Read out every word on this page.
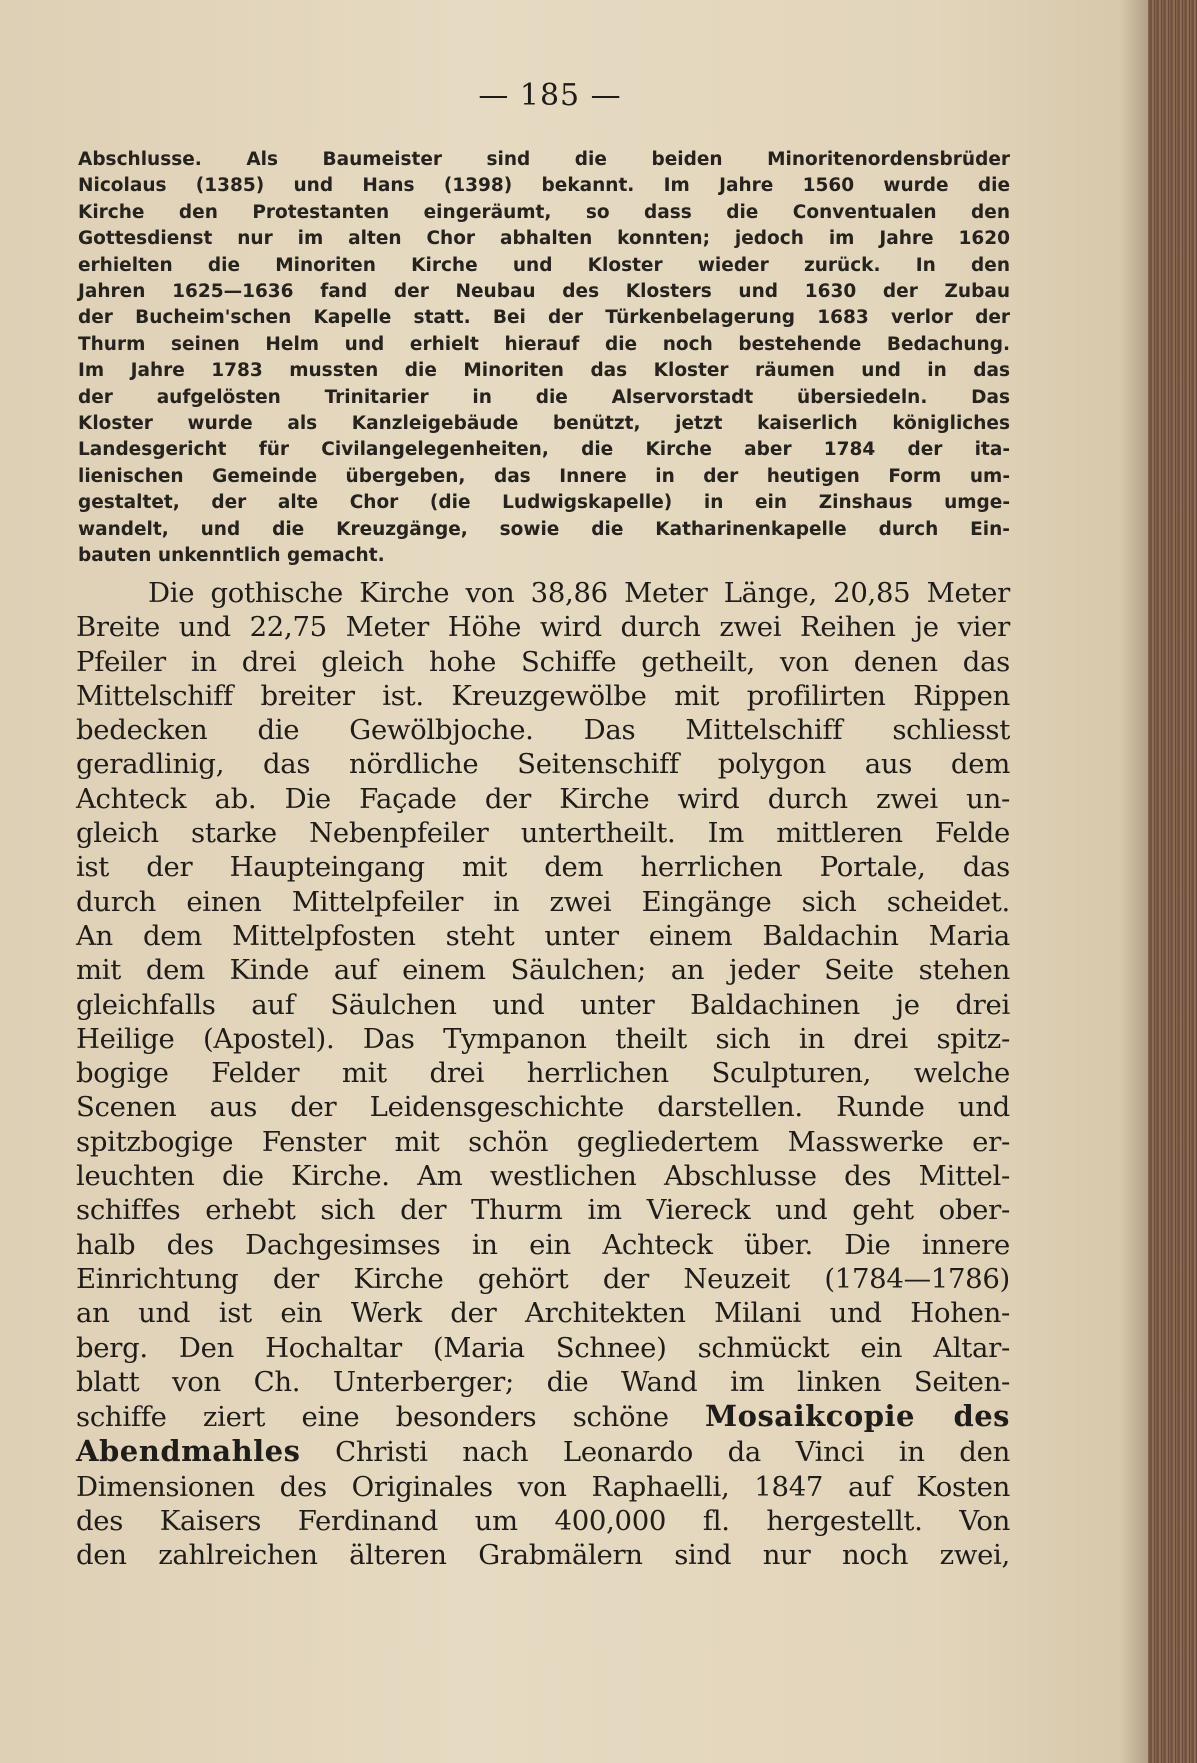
— 185 —
Abschlusse. Als Baumeister sind die beiden Minoritenordensbrüder
Nicolaus (1385) und Hans (1398) bekannt. Im Jahre 1560 wurde die
Kirche den Protestanten eingeräumt, so dass die Conventualen den
Gottesdienst nur im alten Chor abhalten konnten; jedoch im Jahre 1620
erhielten die Minoriten Kirche und Kloster wieder zurück. In den
Jahren 1625—1636 fand der Neubau des Klosters und 1630 der Zubau
der Bucheim'schen Kapelle statt. Bei der Türkenbelagerung 1683 verlor der
Thurm seinen Helm und erhielt hierauf die noch bestehende Bedachung.
Im Jahre 1783 mussten die Minoriten das Kloster räumen und in das
der aufgelösten Trinitarier in die Alservorstadt übersiedeln. Das
Kloster wurde als Kanzleigebäude benützt, jetzt kaiserlich königliches
Landesgericht für Civilangelegenheiten, die Kirche aber 1784 der ita-
lienischen Gemeinde übergeben, das Innere in der heutigen Form um-
gestaltet, der alte Chor (die Ludwigskapelle) in ein Zinshaus umge-
wandelt, und die Kreuzgänge, sowie die Katharinenkapelle durch Ein-
bauten unkenntlich gemacht.
Die gothische Kirche von 38,86 Meter Länge, 20,85 Meter
Breite und 22,75 Meter Höhe wird durch zwei Reihen je vier
Pfeiler in drei gleich hohe Schiffe getheilt, von denen das
Mittelschiff breiter ist. Kreuzgewölbe mit profilirten Rippen
bedecken die Gewölbjoche. Das Mittelschiff schliesst
geradlinig, das nördliche Seitenschiff polygon aus dem
Achteck ab. Die Façade der Kirche wird durch zwei un-
gleich starke Nebenpfeiler untertheilt. Im mittleren Felde
ist der Haupteingang mit dem herrlichen Portale, das
durch einen Mittelpfeiler in zwei Eingänge sich scheidet.
An dem Mittelpfosten steht unter einem Baldachin Maria
mit dem Kinde auf einem Säulchen; an jeder Seite stehen
gleichfalls auf Säulchen und unter Baldachinen je drei
Heilige (Apostel). Das Tympanon theilt sich in drei spitz-
bogige Felder mit drei herrlichen Sculpturen, welche
Scenen aus der Leidensgeschichte darstellen. Runde und
spitzbogige Fenster mit schön gegliedertem Masswerke er-
leuchten die Kirche. Am westlichen Abschlusse des Mittel-
schiffes erhebt sich der Thurm im Viereck und geht ober-
halb des Dachgesimses in ein Achteck über. Die innere
Einrichtung der Kirche gehört der Neuzeit (1784—1786)
an und ist ein Werk der Architekten Milani und Hohen-
berg. Den Hochaltar (Maria Schnee) schmückt ein Altar-
blatt von Ch. Unterberger; die Wand im linken Seiten-
schiffe ziert eine besonders schöne Mosaikcopie des
Abendmahles Christi nach Leonardo da Vinci in den
Dimensionen des Originales von Raphaelli, 1847 auf Kosten
des Kaisers Ferdinand um 400,000 fl. hergestellt. Von
den zahlreichen älteren Grabmälern sind nur noch zwei,
